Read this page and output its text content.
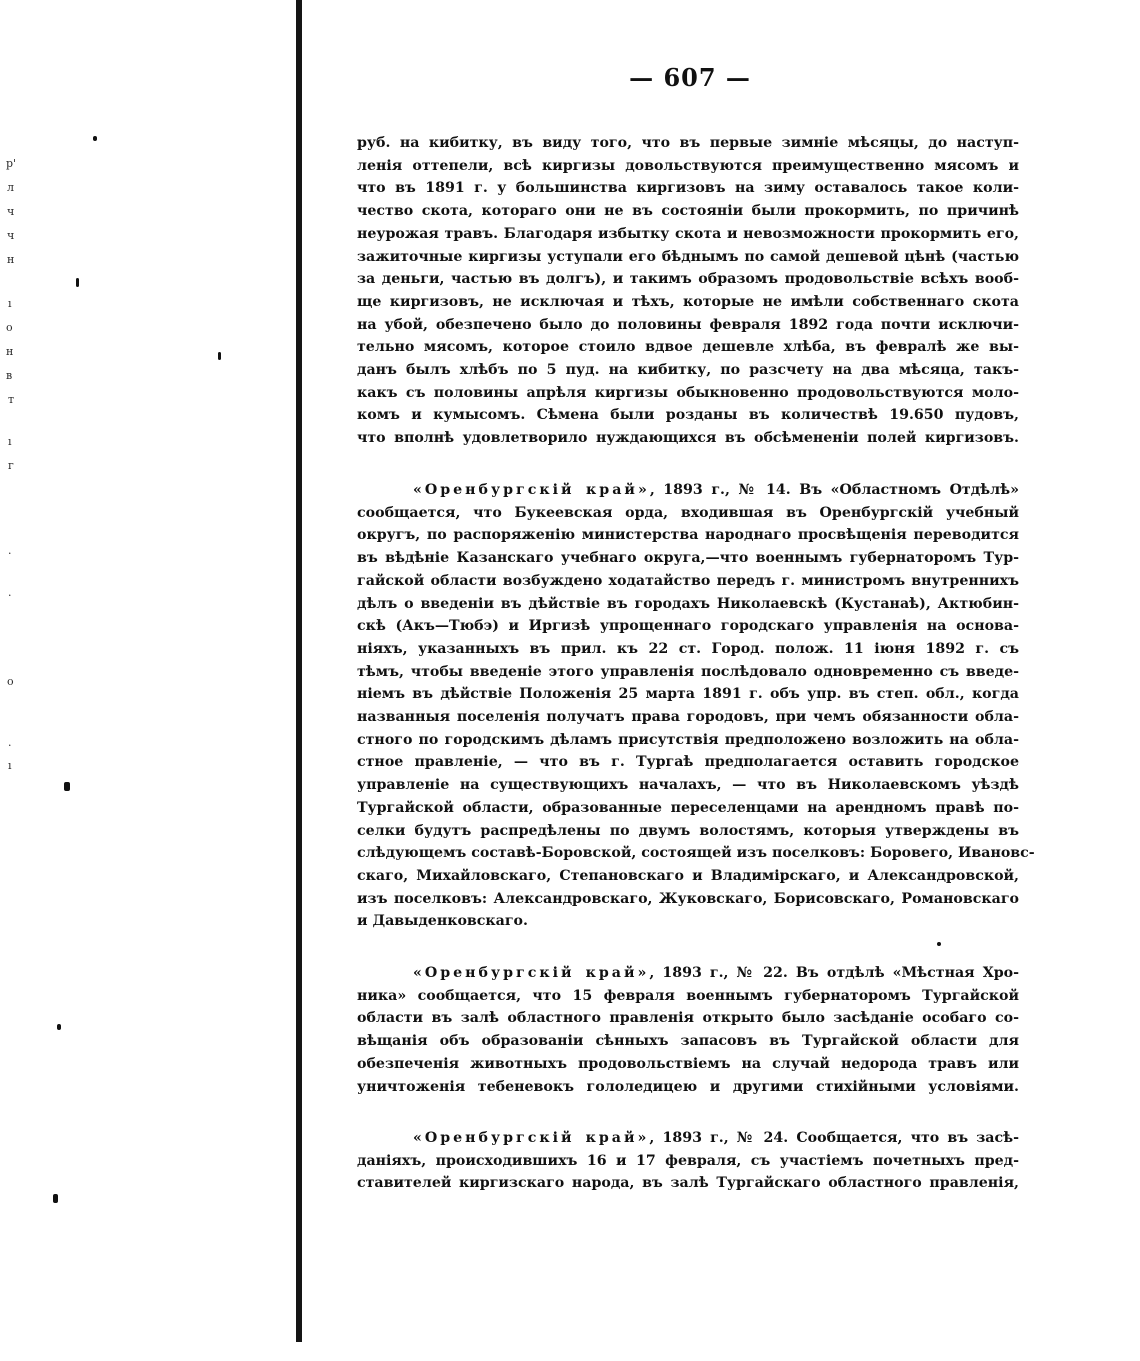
р'
л
ч
ч
н
ı
о
н
в
т
ı
г
·
·
о
·
ı
— 607 —
руб. на кибитку, въ виду того, что въ первые зимніе мѣсяцы, до наступ-
ленія оттепели, всѣ киргизы довольствуются преимущественно мясомъ и
что въ 1891 г. у большинства киргизовъ на зиму оставалось такое коли-
чество скота, котораго они не въ состояніи были прокормить, по причинѣ
неурожая травъ. Благодаря избытку скота и невозможности прокормить его,
зажиточные киргизы уступали его бѣднымъ по самой дешевой цѣнѣ (частью
за деньги, частью въ долгъ), и такимъ образомъ продовольствіе всѣхъ вооб-
ще киргизовъ, не исключая и тѣхъ, которые не имѣли собственнаго скота
на убой, обезпечено было до половины февраля 1892 года почти исключи-
тельно мясомъ, которое стоило вдвое дешевле хлѣба, въ февралѣ же вы-
данъ былъ хлѣбъ по 5 пуд. на кибитку, по разсчету на два мѣсяца, такъ-
какъ съ половины апрѣля киргизы обыкновенно продовольствуются моло-
комъ и кумысомъ. Сѣмена были розданы въ количествѣ 19.650 пудовъ,
что вполнѣ удовлетворило нуждающихся въ обсѣмененіи полей киргизовъ.
«Оренбургскій край», 1893 г., № 14. Въ «Областномъ Отдѣлѣ»
сообщается, что Букеевская орда, входившая въ Оренбургскій учебный
округъ, по распоряженію министерства народнаго просвѣщенія переводится
въ вѣдѣніе Казанскаго учебнаго округа,—что военнымъ губернаторомъ Тур-
гайской области возбуждено ходатайство передъ г. министромъ внутреннихъ
дѣлъ о введеніи въ дѣйствіе въ городахъ Николаевскѣ (Кустанаѣ), Актюбин-
скѣ (Акъ—Тюбэ) и Иргизѣ упрощеннаго городскаго управленія на основа-
ніяхъ, указанныхъ въ прил. къ 22 ст. Город. полож. 11 іюня 1892 г. съ
тѣмъ, чтобы введеніе этого управленія послѣдовало одновременно съ введе-
ніемъ въ дѣйствіе Положенія 25 марта 1891 г. объ упр. въ степ. обл., когда
названныя поселенія получатъ права городовъ, при чемъ обязанности обла-
стного по городскимъ дѣламъ присутствія предположено возложить на обла-
стное правленіе, — что въ г. Тургаѣ предполагается оставить городское
управленіе на существующихъ началахъ, — что въ Николаевскомъ уѣздѣ
Тургайской области, образованные переселенцами на арендномъ правѣ по-
селки будутъ распредѣлены по двумъ волостямъ, которыя утверждены въ
слѣдующемъ составѣ-Боровской, состоящей изъ поселковъ: Боровего, Ивановс-
скаго, Михайловскаго, Степановскаго и Владимірскаго, и Александровской,
изъ поселковъ: Александровскаго, Жуковскаго, Борисовскаго, Романовскаго
и Давыденковскаго.
«Оренбургскій край», 1893 г., № 22. Въ отдѣлѣ «Мѣстная Хро-
ника» сообщается, что 15 февраля военнымъ губернаторомъ Тургайской
области въ залѣ областного правленія открыто было засѣданіе особаго со-
вѣщанія объ образованіи сѣнныхъ запасовъ въ Тургайской области для
обезпеченія животныхъ продовольствіемъ на случай недорода травъ или
уничтоженія тебеневокъ гололедицею и другими стихійными условіями.
«Оренбургскій край», 1893 г., № 24. Сообщается, что въ засѣ-
даніяхъ, происходившихъ 16 и 17 февраля, съ участіемъ почетныхъ пред-
ставителей киргизскаго народа, въ залѣ Тургайскаго областного правленія,
